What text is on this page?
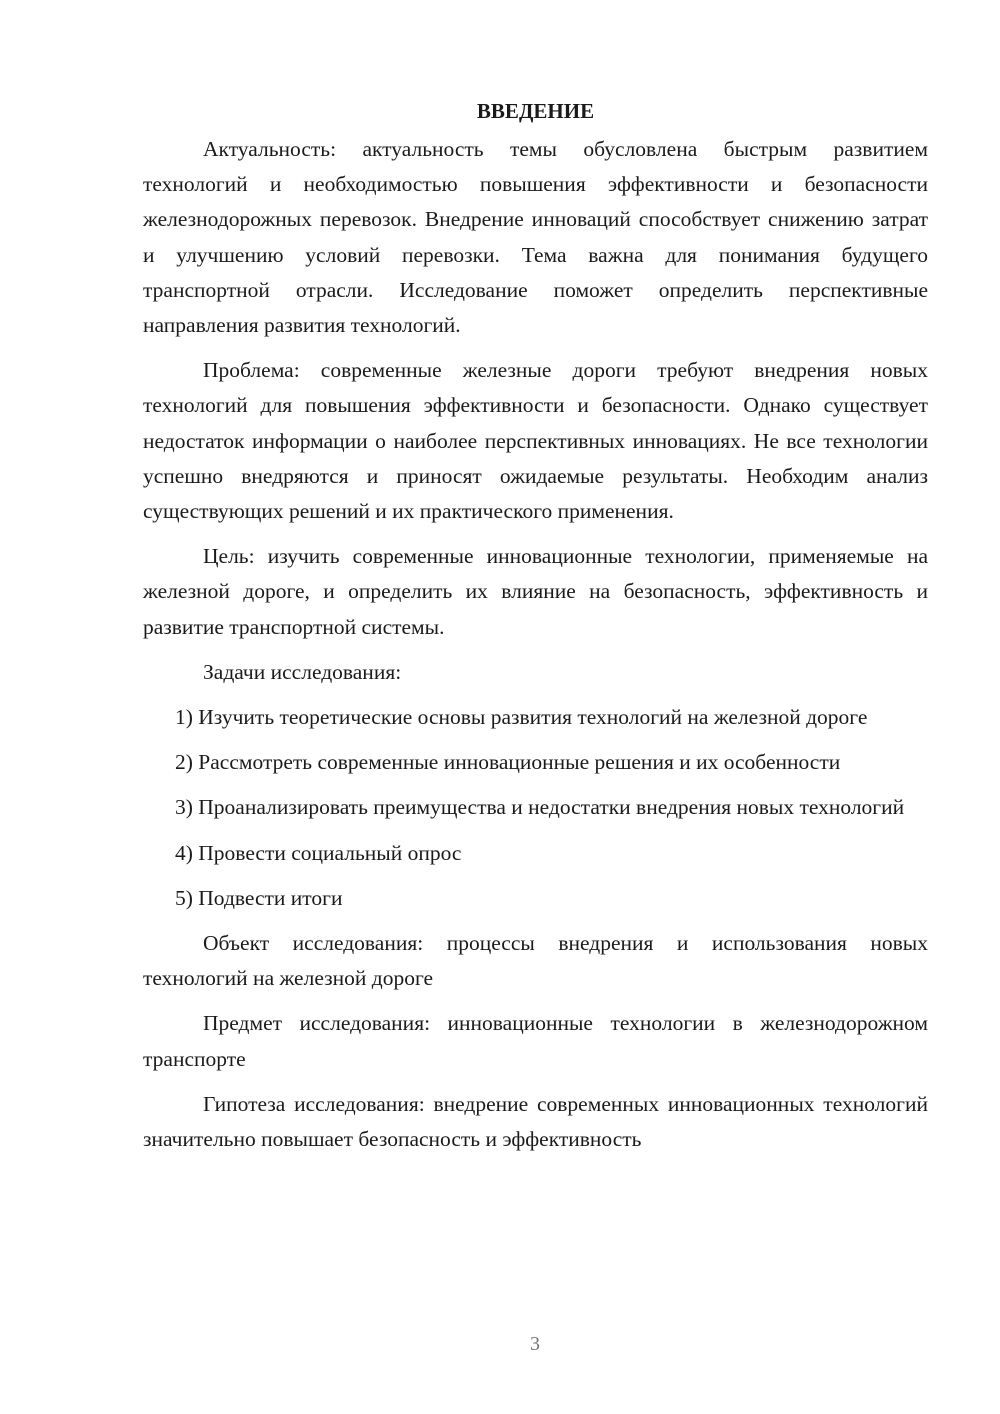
ВВЕДЕНИЕ

Актуальность: актуальность темы обусловлена быстрым развитием технологий и необходимостью повышения эффективности и безопасности железнодорожных перевозок. Внедрение инноваций способствует снижению затрат и улучшению условий перевозки. Тема важна для понимания будущего транспортной отрасли. Исследование поможет определить перспективные направления развития технологий.

Проблема: современные железные дороги требуют внедрения новых технологий для повышения эффективности и безопасности. Однако существует недостаток информации о наиболее перспективных инновациях. Не все технологии успешно внедряются и приносят ожидаемые результаты. Необходим анализ существующих решений и их практического применения.

Цель: изучить современные инновационные технологии, применяемые на железной дороге, и определить их влияние на безопасность, эффективность и развитие транспортной системы.

Задачи исследования:

1) Изучить теоретические основы развития технологий на железной дороге

2) Рассмотреть современные инновационные решения и их особенности

3) Проанализировать преимущества и недостатки внедрения новых технологий

4) Провести социальный опрос

5) Подвести итоги

Объект исследования: процессы внедрения и использования новых технологий на железной дороге

Предмет исследования: инновационные технологии в железнодорожном транспорте

Гипотеза исследования: внедрение современных инновационных технологий значительно повышает безопасность и эффективность

3
